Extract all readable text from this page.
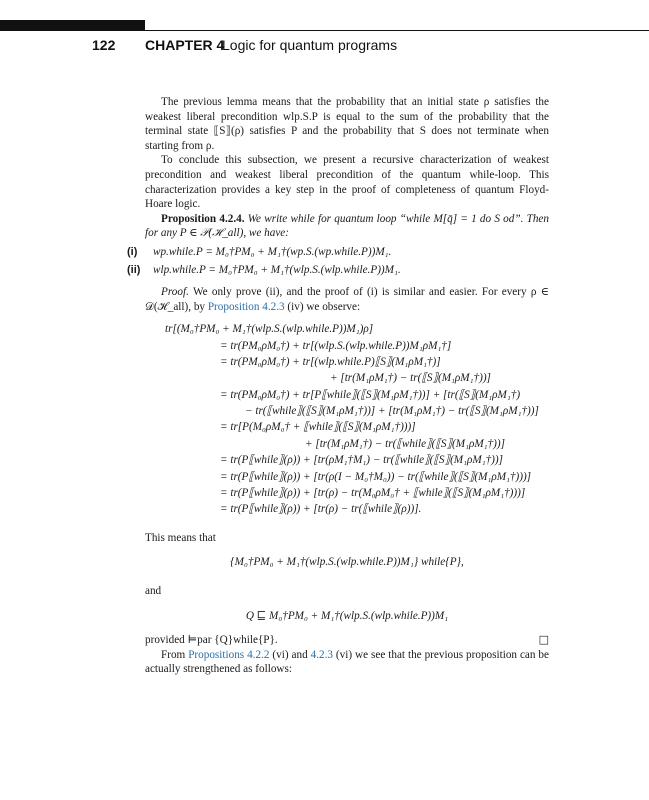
122 CHAPTER 4
Logic for quantum programs

The previous lemma means that the probability that an initial state ρ satisfies the weakest liberal precondition wlp.S.P is equal to the sum of the probability that the terminal state ⟦S⟧(ρ) satisfies P and the probability that S does not terminate when starting from ρ.

To conclude this subsection, we present a recursive characterization of weakest precondition and weakest liberal precondition of the quantum while-loop. This characterization provides a key step in the proof of completeness of quantum Floyd-Hoare logic.

Proposition 4.2.4. We write while for quantum loop “while M[q̄] = 1 do S od”. Then for any P ∈ 𝒫(ℋ_all), we have:

(i) wp.while.P = M₀†PM₀ + M₁†(wp.S.(wp.while.P))M₁.
(ii) wlp.while.P = M₀†PM₀ + M₁†(wlp.S.(wlp.while.P))M₁.

Proof. We only prove (ii), and the proof of (i) is similar and easier. For every ρ ∈ 𝒟(ℋ_all), by Proposition 4.2.3 (iv) we observe:

tr[(M₀†PM₀ + M₁†(wlp.S.(wlp.while.P))M₁)ρ]
= tr(PM₀ρM₀†) + tr[(wlp.S.(wlp.while.P))M₁ρM₁†]
= tr(PM₀ρM₀†) + tr[(wlp.while.P)⟦S⟧(M₁ρM₁†)]
+ [tr(M₁ρM₁†) − tr(⟦S⟧(M₁ρM₁†))]
= tr(PM₀ρM₀†) + tr[P⟦while⟧(⟦S⟧(M₁ρM₁†))] + [tr(⟦S⟧(M₁ρM₁†)
− tr(⟦while⟧(⟦S⟧(M₁ρM₁†))] + [tr(M₁ρM₁†) − tr(⟦S⟧(M₁ρM₁†))]
= tr[P(M₀ρM₀† + ⟦while⟧(⟦S⟧(M₁ρM₁†)))]
+ [tr(M₁ρM₁†) − tr(⟦while⟧(⟦S⟧(M₁ρM₁†))]
= tr(P⟦while⟧(ρ)) + [tr(ρM₁†M₁) − tr(⟦while⟧(⟦S⟧(M₁ρM₁†))]
= tr(P⟦while⟧(ρ)) + [tr(ρ(I − M₀†M₀)) − tr(⟦while⟧(⟦S⟧(M₁ρM₁†)))]
= tr(P⟦while⟧(ρ)) + [tr(ρ) − tr(M₀ρM₀† + ⟦while⟧(⟦S⟧(M₁ρM₁†)))]
= tr(P⟦while⟧(ρ)) + [tr(ρ) − tr(⟦while⟧(ρ))].

This means that

{M₀†PM₀ + M₁†(wlp.S.(wlp.while.P))M₁} while{P},

and

Q ⊑ M₀†PM₀ + M₁†(wlp.S.(wlp.while.P))M₁

provided ⊨par {Q}while{P}.	□

From Propositions 4.2.2 (vi) and 4.2.3 (vi) we see that the previous proposition can be actually strengthened as follows:
